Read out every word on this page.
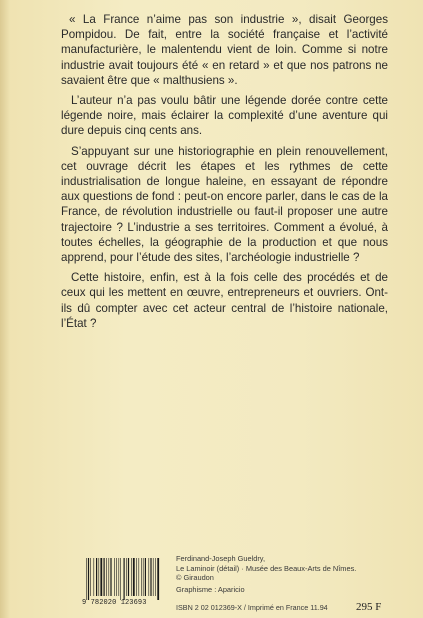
« La France n’aime pas son industrie », disait Georges Pompidou. De fait, entre la société française et l’activité manufacturière, le malentendu vient de loin. Comme si notre industrie avait toujours été « en retard » et que nos patrons ne savaient être que « malthusiens ».

L’auteur n’a pas voulu bâtir une légende dorée contre cette légende noire, mais éclairer la complexité d’une aventure qui dure depuis cinq cents ans.

S’appuyant sur une historiographie en plein renouvellement, cet ouvrage décrit les étapes et les rythmes de cette industrialisation de longue haleine, en essayant de répondre aux questions de fond : peut-on encore parler, dans le cas de la France, de révolution industrielle ou faut-il proposer une autre trajectoire ? L’industrie a ses territoires. Comment a évolué, à toutes échelles, la géographie de la production et que nous apprend, pour l’étude des sites, l’archéologie industrielle ?

Cette histoire, enfin, est à la fois celle des procédés et de ceux qui les mettent en œuvre, entrepreneurs et ouvriers. Ont-ils dû compter avec cet acteur central de l’histoire nationale, l’État ?

9 782020 123693
Ferdinand-Joseph Gueldry,
Le Laminoir (détail) · Musée des Beaux-Arts de Nîmes.
© Giraudon
Graphisme : Aparicio
ISBN 2 02 012369-X / Imprimé en France 11.94	295 F
